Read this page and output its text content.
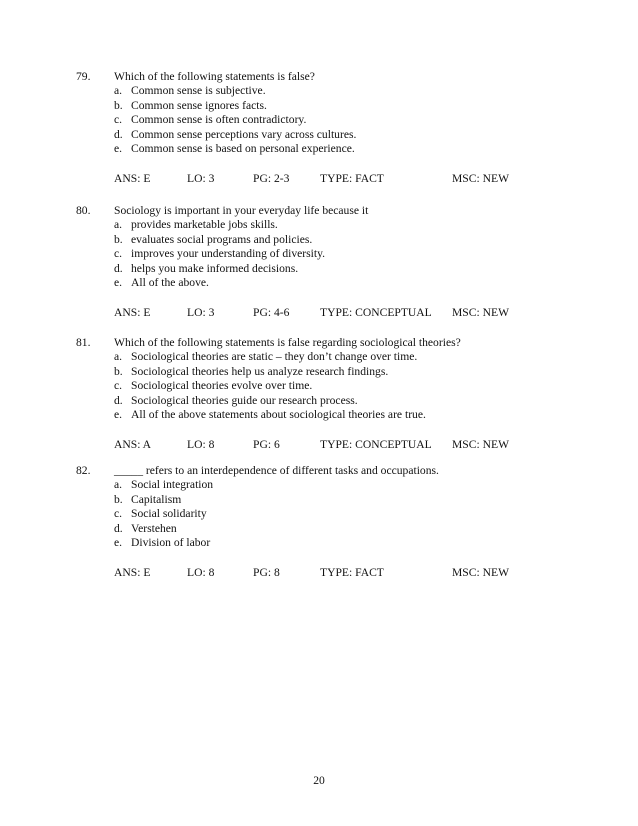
79. Which of the following statements is false?
a. Common sense is subjective.
b. Common sense ignores facts.
c. Common sense is often contradictory.
d. Common sense perceptions vary across cultures.
e. Common sense is based on personal experience.
ANS: E	LO: 3	PG: 2-3	TYPE: FACT	MSC: NEW
80. Sociology is important in your everyday life because it
a. provides marketable jobs skills.
b. evaluates social programs and policies.
c. improves your understanding of diversity.
d. helps you make informed decisions.
e. All of the above.
ANS: E	LO: 3	PG: 4-6	TYPE: CONCEPTUAL MSC: NEW
81. Which of the following statements is false regarding sociological theories?
a. Sociological theories are static – they don’t change over time.
b. Sociological theories help us analyze research findings.
c. Sociological theories evolve over time.
d. Sociological theories guide our research process.
e. All of the above statements about sociological theories are true.
ANS: A	LO: 8	PG: 6	TYPE: CONCEPTUAL MSC: NEW
82. _____ refers to an interdependence of different tasks and occupations.
a. Social integration
b. Capitalism
c. Social solidarity
d. Verstehen
e. Division of labor
ANS: E	LO: 8	PG: 8	TYPE: FACT	MSC: NEW
20
